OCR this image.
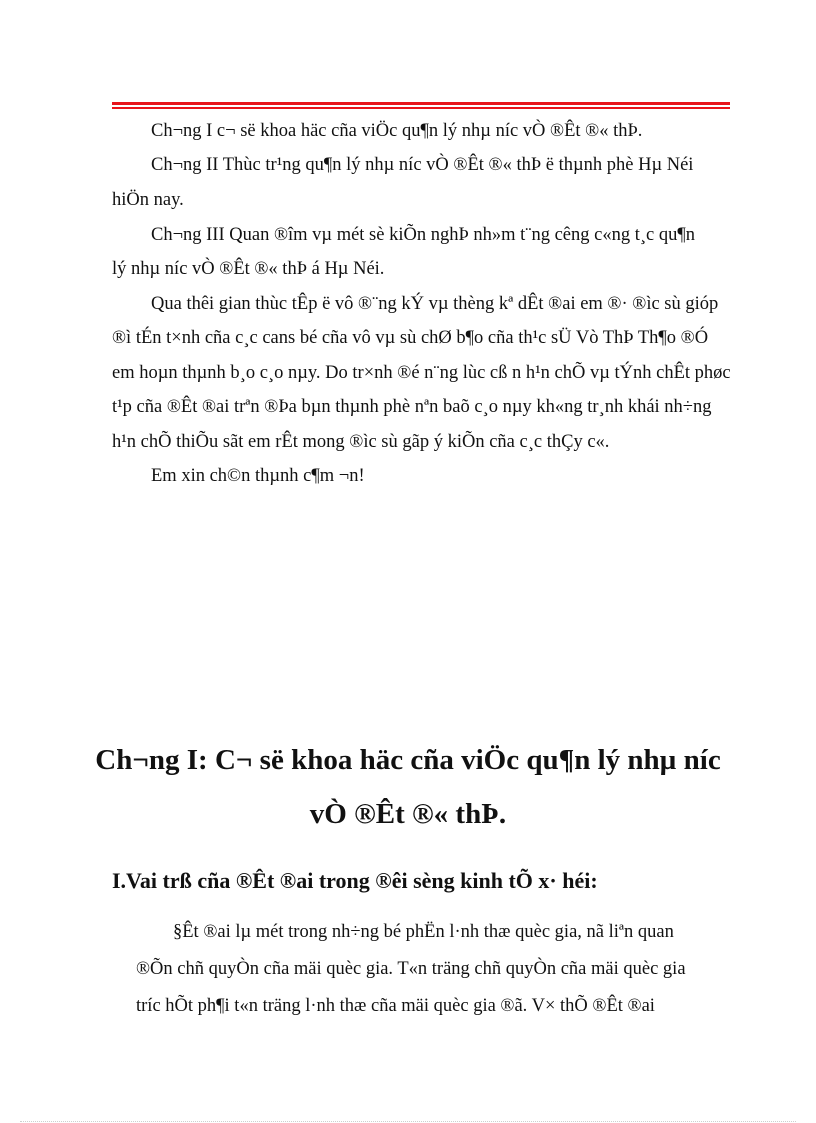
Ch¬ng I c¬ së khoa häc cña viÖc qu¶n lý nhµ níc vÒ ®Êt ®« thÞ.
Ch¬ng II Thùc tr¹ng qu¶n lý nhµ níc vÒ ®Êt ®« thÞ ë thµnh phè Hµ Néi
hiÖn nay.
Ch¬ng III Quan ®îm vµ mét sè kiÕn nghÞ nh»m t¨ng cêng c«ng t¸c qu¶n
lý nhµ níc vÒ ®Êt ®« thÞ á Hµ Néi.
Qua thêi gian thùc tÊp ë vô ®¨ng kÝ vµ thèng kª dÊt ®ai em ®· ®ìc sù gióp
®ì tÉn t×nh cña c¸c cans bé cña vô vµ sù chØ b¶o cña th¹c sÜ Vò ThÞ Th¶o ®Ó
em hoµn thµnh b¸o c¸o nµy. Do tr×nh ®é n¨ng lùc cß n h¹n chÕ vµ tÝnh chÊt phøc
t¹p cña ®Êt ®ai trªn ®Þa bµn thµnh phè nªn baõ c¸o nµy kh«ng tr¸nh khái nh÷ng
h¹n chÕ thiÕu sãt em rÊt mong ®ìc sù gãp ý kiÕn cña c¸c thÇy c«.
Em xin ch©n thµnh c¶m ¬n!
Ch¬ng I: C¬ së khoa häc cña viÖc qu¶n lý nhµ níc
vÒ ®Êt ®« thÞ.
I.Vai trß cña ®Êt ®ai trong ®êi sèng kinh tÕ x· héi:
§Êt ®ai lµ mét trong nh÷ng bé phËn l·nh thæ quèc gia, nã liªn quan
®Õn chñ quyÒn cña mäi quèc gia. T«n träng chñ quyÒn cña mäi quèc gia
tríc hÕt ph¶i t«n träng l·nh thæ cña mäi quèc gia ®ã. V× thÕ ®Êt ®ai
